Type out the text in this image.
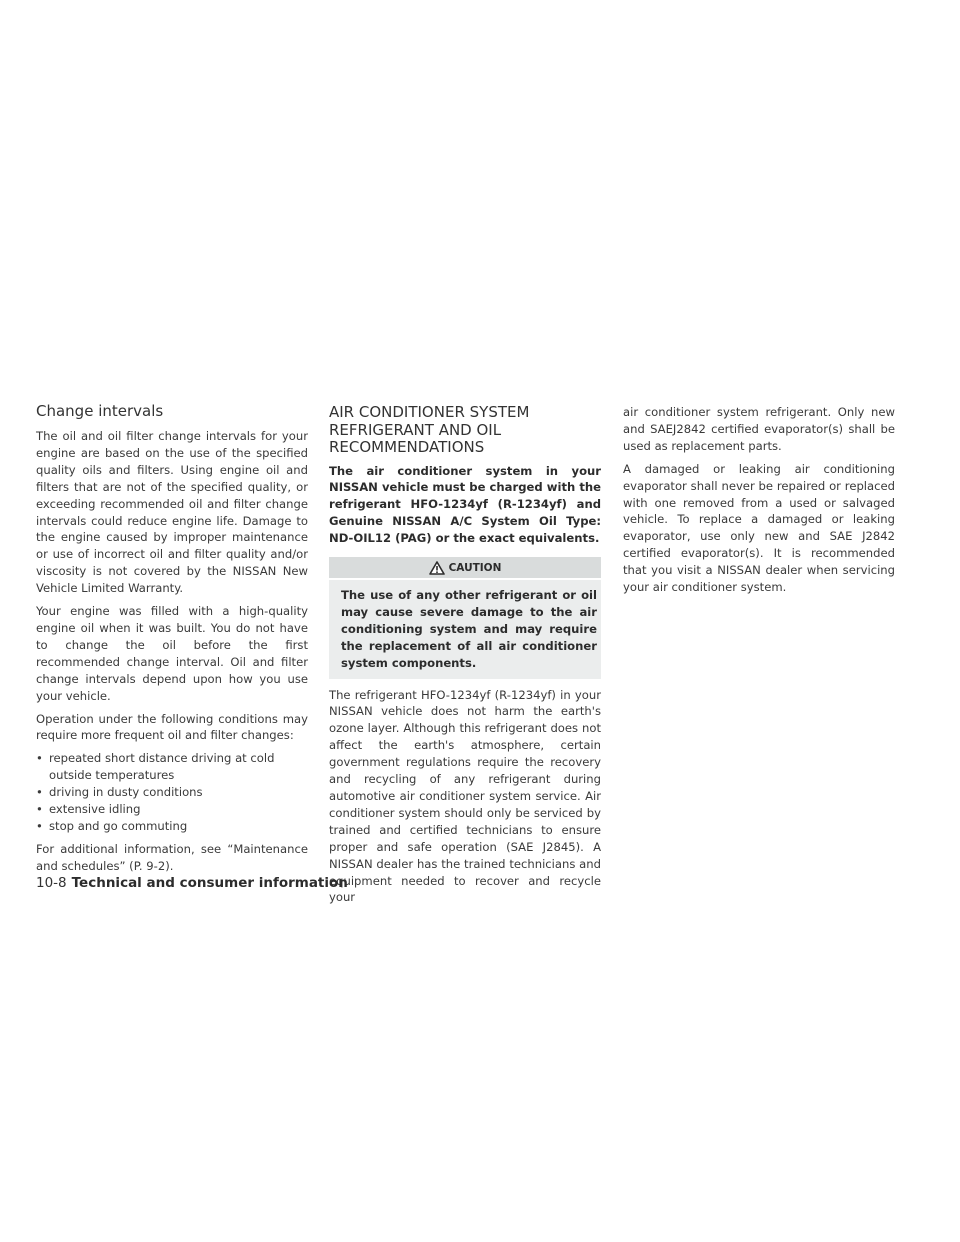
Change intervals

The oil and oil filter change intervals for your engine are based on the use of the specified quality oils and filters. Using engine oil and filters that are not of the specified quality, or exceeding recommended oil and filter change intervals could reduce engine life. Damage to the engine caused by improper maintenance or use of incorrect oil and filter quality and/or viscosity is not covered by the NISSAN New Vehicle Limited Warranty.

Your engine was filled with a high-quality engine oil when it was built. You do not have to change the oil before the first recommended change interval. Oil and filter change intervals depend upon how you use your vehicle.

Operation under the following conditions may require more frequent oil and filter changes:

• repeated short distance driving at cold outside temperatures
• driving in dusty conditions
• extensive idling
• stop and go commuting

For additional information, see “Maintenance and schedules” (P. 9-2).

AIR CONDITIONER SYSTEM
REFRIGERANT AND OIL
RECOMMENDATIONS

The air conditioner system in your NISSAN vehicle must be charged with the refrigerant HFO-1234yf (R-1234yf) and Genuine NISSAN A/C System Oil Type: ND-OIL12 (PAG) or the exact equivalents.

CAUTION

The use of any other refrigerant or oil may cause severe damage to the air conditioning system and may require the replacement of all air conditioner system components.

The refrigerant HFO-1234yf (R-1234yf) in your NISSAN vehicle does not harm the earth's ozone layer. Although this refrigerant does not affect the earth's atmosphere, certain government regulations require the recovery and recycling of any refrigerant during automotive air conditioner system service. Air conditioner system should only be serviced by trained and certified technicians to ensure proper and safe operation (SAE J2845). A NISSAN dealer has the trained technicians and equipment needed to recover and recycle your

air conditioner system refrigerant. Only new and SAEJ2842 certified evaporator(s) shall be used as replacement parts.

A damaged or leaking air conditioning evaporator shall never be repaired or replaced with one removed from a used or salvaged vehicle. To replace a damaged or leaking evaporator, use only new and SAE J2842 certified evaporator(s). It is recommended that you visit a NISSAN dealer when servicing your air conditioner system.

10-8 Technical and consumer information
